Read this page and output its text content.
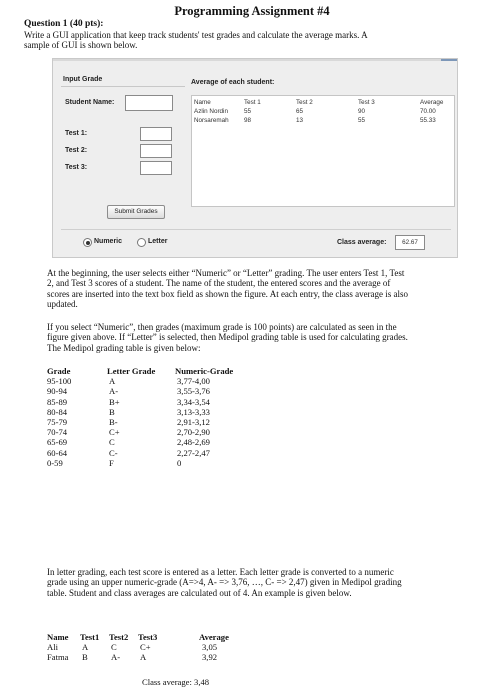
Programming Assignment #4
Question 1 (40 pts):
Write a GUI application that keep track students' test grades and calculate the average marks. A
sample of GUI is shown below.
Input Grade
Student Name:
Test 1:
Test 2:
Test 3:
Submit Grades
Average of each student:
Name	Test 1	Test 2	Test 3	Average
Azlin Nordin	55	65	90	70.00
Norsaremah 98	13	55	55.33
Numeric	Letter	Class average:	62.67
At the beginning, the user selects either “Numeric” or “Letter” grading. The user enters Test 1, Test
2, and Test 3 scores of a student. The name of the student, the entered scores and the average of
scores are inserted into the text box field as shown the figure. At each entry, the class average is also
updated.
If you select “Numeric”, then grades (maximum grade is 100 points) are calculated as seen in the
figure given above. If “Letter” is selected, then Medipol grading table is used for calculating grades.
The Medipol grading table is given below:
Grade	Letter Grade Numeric-Grade
95-100	A	3,77-4,00
90-94	A-	3,55-3,76
85-89	B+	3,34-3,54
80-84	B	3,13-3,33
75-79	B-	2,91-3,12
70-74	C+	2,70-2,90
65-69	C	2,48-2,69
60-64	C-	2,27-2,47
0-59	F	0
In letter grading, each test score is entered as a letter. Each letter grade is converted to a numeric
grade using an upper numeric-grade (A=>4, A- => 3,76, …, C- => 2,47) given in Medipol grading
table. Student and class averages are calculated out of 4. An example is given below.
Name Test1 Test2 Test3	Average
Ali	A	C	C+	3,05
Fatma B	A- A	3,92
Class average: 3,48
